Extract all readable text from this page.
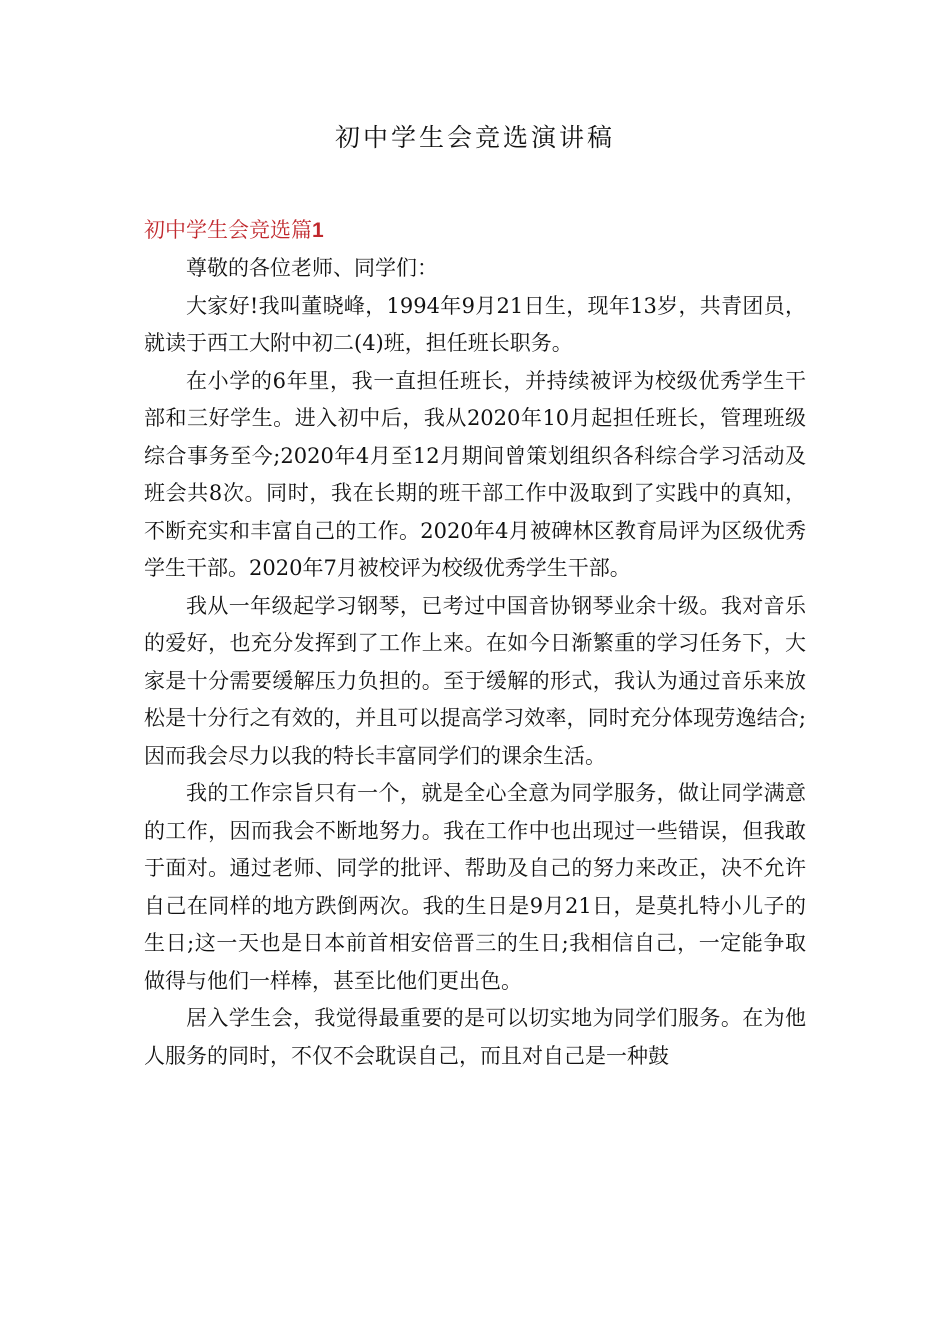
初中学生会竞选演讲稿
初中学生会竞选篇1

尊敬的各位老师、同学们：

大家好!我叫董晓峰，1994年9月21日生，现年13岁，共青团员，就读于西工大附中初二(4)班，担任班长职务。

在小学的6年里，我一直担任班长，并持续被评为校级优秀学生干部和三好学生。进入初中后，我从2020年10月起担任班长，管理班级综合事务至今;2020年4月至12月期间曾策划组织各科综合学习活动及班会共8次。同时，我在长期的班干部工作中汲取到了实践中的真知，不断充实和丰富自己的工作。2020年4月被碑林区教育局评为区级优秀学生干部。2020年7月被校评为校级优秀学生干部。

我从一年级起学习钢琴，已考过中国音协钢琴业余十级。我对音乐的爱好，也充分发挥到了工作上来。在如今日渐繁重的学习任务下，大家是十分需要缓解压力负担的。至于缓解的形式，我认为通过音乐来放松是十分行之有效的，并且可以提高学习效率，同时充分体现劳逸结合;因而我会尽力以我的特长丰富同学们的课余生活。

我的工作宗旨只有一个，就是全心全意为同学服务，做让同学满意的工作，因而我会不断地努力。我在工作中也出现过一些错误，但我敢于面对。通过老师、同学的批评、帮助及自己的努力来改正，决不允许自己在同样的地方跌倒两次。我的生日是9月21日，是莫扎特小儿子的生日;这一天也是日本前首相安倍晋三的生日;我相信自己，一定能争取做得与他们一样棒，甚至比他们更出色。

居入学生会，我觉得最重要的是可以切实地为同学们服务。在为他人服务的同时，不仅不会耽误自己，而且对自己是一种鼓
